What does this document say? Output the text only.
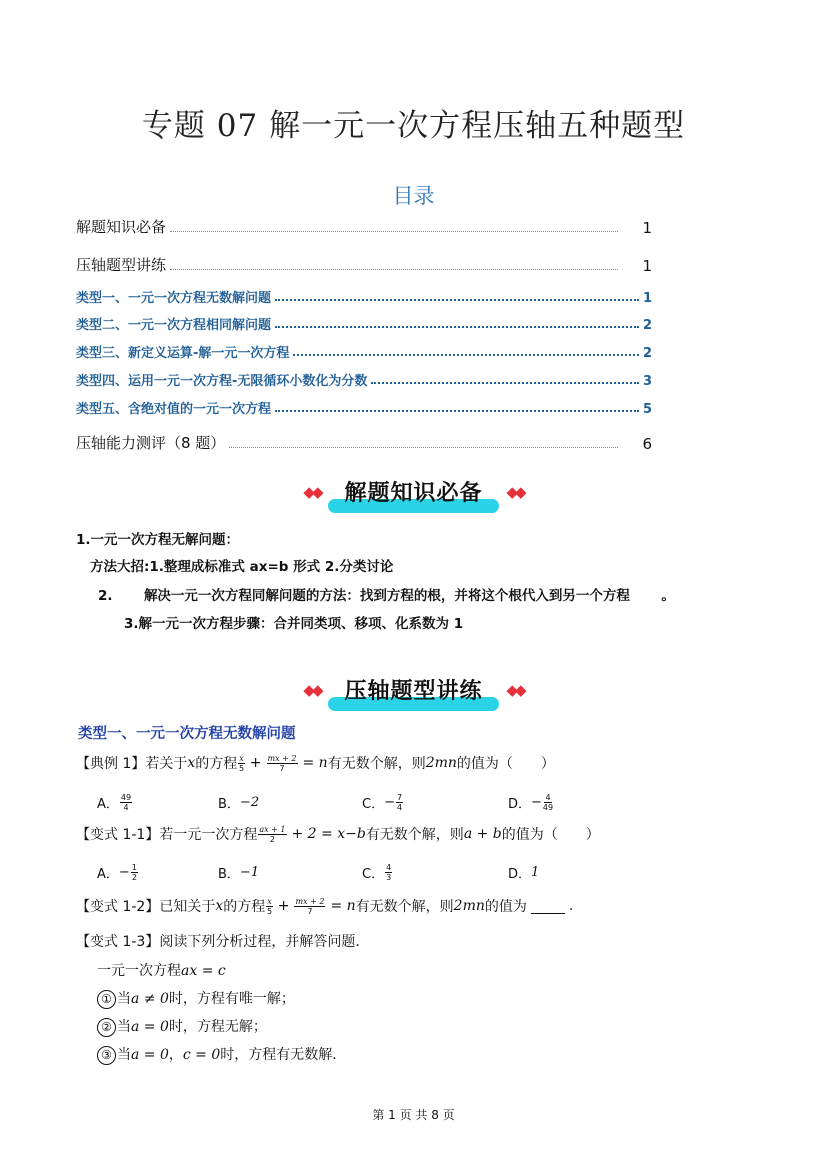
专题 07 解一元一次方程压轴五种题型
目录
解题知识必备	1
压轴题型讲练	1
类型一、一元一次方程无数解问题	1
类型二、一元一次方程相同解问题	2
类型三、新定义运算-解一元一次方程	2
类型四、运用一元一次方程-无限循环小数化为分数	3
类型五、含绝对值的一元一次方程	5
压轴能力测评（8 题）	6
◆◆	解题知识必备	◆◆
1.一元一次方程无解问题：
方法大招:1.整理成标准式 ax=b 形式 2.分类讨论
2. 解决一元一次方程同解问题的方法：找到方程的根，并将这个根代入到另一个方程 。
3.解一元一次方程步骤：合并同类项、移项、化系数为 1
◆◆	压轴题型讲练	◆◆
类型一、一元一次方程无数解问题
【典例 1】 若关于 x 的方程 $\frac{x}{5} + \frac{mx + 2}{7} = n$ 有无数个解，则 2mn 的值为（　　）
A． $\frac{49}{4}$	B． −2	C． − $\frac{7}{4}$	D． − $\frac{4}{49}$
【变式 1-1】 若一元一次方程 $\frac{ax + 1}{2} + 2 = x-b$ 有无数个解，则 a + b 的值为（　　）
A． − $\frac{1}{2}$	B． −1	C． $\frac{4}{3}$	D． 1
【变式 1-2】 已知关于 x 的方程 $\frac{x}{5} + \frac{mx + 2}{7} = n$ 有无数个解，则 2mn 的值为	.
【变式 1-3】 阅读下列分析过程，并解答问题．
一元一次方程ax = c
① 当a ≠ 0时，方程有唯一解；
② 当a = 0时，方程无解；
③ 当a = 0，c = 0时，方程有无数解．
第 1 页 共 8 页
